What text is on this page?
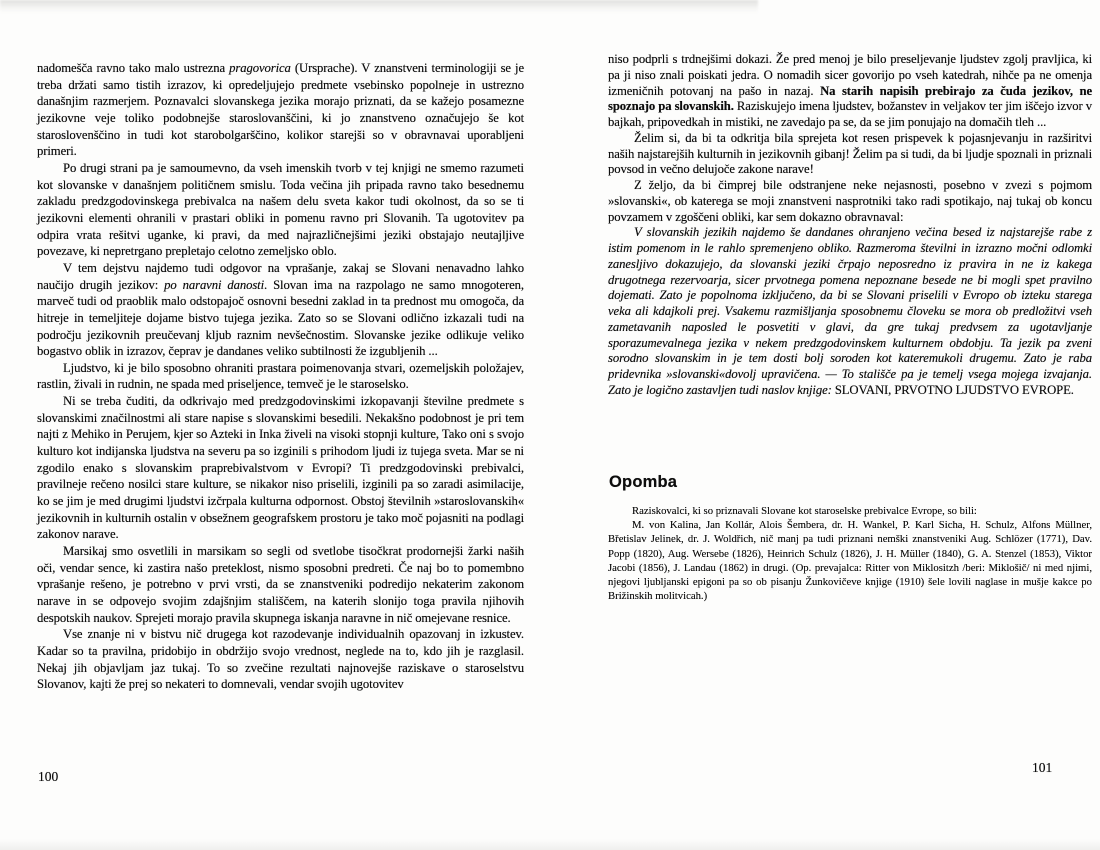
nadomešča ravno tako malo ustrezna pragovorica (Ursprache). V znanstveni terminologiji se je treba držati samo tistih izrazov, ki opredeljujejo predmete vsebinsko popolneje in ustrezno današnjim razmerjem. Poznavalci slovanskega jezika morajo priznati, da se kažejo posamezne jezikovne veje toliko podobnejše staroslovanščini, ki jo znanstveno označujejo še kot staroslovenščino in tudi kot starobolgarščino, kolikor starejši so v obravnavai uporabljeni primeri.

Po drugi strani pa je samoumevno, da vseh imenskih tvorb v tej knjigi ne smemo razumeti kot slovanske v današnjem političnem smislu. Toda večina jih pripada ravno tako besednemu zakladu predzgodovinskega prebivalca na našem delu sveta kakor tudi okolnost, da so se ti jezikovni elementi ohranili v prastari obliki in pomenu ravno pri Slovanih. Ta ugotovitev pa odpira vrata rešitvi uganke, ki pravi, da med najrazličnejšimi jeziki obstajajo neutajljive povezave, ki nepretrgano prepletajo celotno zemeljsko oblo.

V tem dejstvu najdemo tudi odgovor na vprašanje, zakaj se Slovani nenavadno lahko naučijo drugih jezikov: po naravni danosti. Slovan ima na razpolago ne samo mnogoteren, marveč tudi od praoblik malo odstopajoč osnovni besedni zaklad in ta prednost mu omogoča, da hitreje in temeljiteje dojame bistvo tujega jezika. Zato so se Slovani odlično izkazali tudi na področju jezikovnih preučevanj kljub raznim nevšečnostim. Slovanske jezike odlikuje veliko bogastvo oblik in izrazov, čeprav je dandanes veliko subtilnosti že izgubljenih ...

Ljudstvo, ki je bilo sposobno ohraniti prastara poimenovanja stvari, ozemeljskih položajev, rastlin, živali in rudnin, ne spada med priseljence, temveč je le staroselsko.

Ni se treba čuditi, da odkrivajo med predzgodovinskimi izkopavanji številne predmete s slovanskimi značilnostmi ali stare napise s slovanskimi besedili. Nekakšno podobnost je pri tem najti z Mehiko in Perujem, kjer so Azteki in Inka živeli na visoki stopnji kulture, Tako oni s svojo kulturo kot indijanska ljudstva na severu pa so izginili s prihodom ljudi iz tujega sveta. Mar se ni zgodilo enako s slovanskim praprebivalstvom v Evropi? Ti predzgodovinski prebivalci, pravilneje rečeno nosilci stare kulture, se nikakor niso priselili, izginili pa so zaradi asimilacije, ko se jim je med drugimi ljudstvi izčrpala kulturna odpornost. Obstoj številnih »staroslovanskih« jezikovnih in kulturnih ostalin v obsežnem geografskem prostoru je tako moč pojasniti na podlagi zakonov narave.

Marsikaj smo osvetlili in marsikam so segli od svetlobe tisočkrat prodornejši žarki naših oči, vendar sence, ki zastira našo preteklost, nismo sposobni predreti. Če naj bo to pomembno vprašanje rešeno, je potrebno v prvi vrsti, da se znanstveniki podredijo nekaterim zakonom narave in se odpovejo svojim zdajšnjim stališčem, na katerih slonijo toga pravila njihovih despotskih naukov. Sprejeti morajo pravila skupnega iskanja naravne in nič omejevane resnice.

Vse znanje ni v bistvu nič drugega kot razodevanje individualnih opazovanj in izkustev. Kadar so ta pravilna, pridobijo in obdržijo svojo vrednost, neglede na to, kdo jih je razglasil. Nekaj jih objavljam jaz tukaj. To so zvečine rezultati najnovejše raziskave o staroselstvu Slovanov, kajti že prej so nekateri to domnevali, vendar svojih ugotovitev

100

niso podprli s trdnejšimi dokazi. Že pred menoj je bilo preseljevanje ljudstev zgolj pravljica, ki pa ji niso znali poiskati jedra. O nomadih sicer govorijo po vseh katedrah, nihče pa ne omenja izmeničnih potovanj na pašo in nazaj. Na starih napisih prebirajo za čuda jezikov, ne spoznajo pa slovanskih. Raziskujejo imena ljudstev, božanstev in veljakov ter jim iščejo izvor v bajkah, pripovedkah in mistiki, ne zavedajo pa se, da se jim ponujajo na domačih tleh ...

Želim si, da bi ta odkritja bila sprejeta kot resen prispevek k pojasnjevanju in razširitvi naših najstarejših kulturnih in jezikovnih gibanj! Želim pa si tudi, da bi ljudje spoznali in priznali povsod in večno delujoče zakone narave!

Z željo, da bi čimprej bile odstranjene neke nejasnosti, posebno v zvezi s pojmom »slovanski«, ob katerega se moji znanstveni nasprotniki tako radi spotikajo, naj tukaj ob koncu povzamem v zgoščeni obliki, kar sem dokazno obravnaval:

V slovanskih jezikih najdemo še dandanes ohranjeno večina besed iz najstarejše rabe z istim pomenom in le rahlo spremenjeno obliko. Razmeroma številni in izrazno močni odlomki zanesljivo dokazujejo, da slovanski jeziki črpajo neposredno iz pravira in ne iz kakega drugotnega rezervoarja, sicer prvotnega pomena nepoznane besede ne bi mogli spet pravilno dojemati. Zato je popolnoma izključeno, da bi se Slovani priselili v Evropo ob izteku starega veka ali kdajkoli prej. Vsakemu razmišljanja sposobnemu človeku se mora ob predložitvi vseh zametavanih naposled le posvetiti v glavi, da gre tukaj predvsem za ugotavljanje sporazumevalnega jezika v nekem predzgodovinskem kulturnem obdobju. Ta jezik pa zveni sorodno slovanskim in je tem dosti bolj soroden kot kateremukoli drugemu. Zato je raba pridevnika »slovanski«dovolj upravičena. — To stališče pa je temelj vsega mojega izvajanja. Zato je logično zastavljen tudi naslov knjige: SLOVANI, PRVOTNO LJUDSTVO EVROPE.

Opomba

Raziskovalci, ki so priznavali Slovane kot staroselske prebivalce Evrope, so bili:

M. von Kalina, Jan Kollár, Alois Šembera, dr. H. Wankel, P. Karl Sicha, H. Schulz, Alfons Müllner, Břetislav Jelinek, dr. J. Woldřich, nič manj pa tudi priznani nemški znanstveniki Aug. Schlözer (1771), Dav. Popp (1820), Aug. Wersebe (1826), Heinrich Schulz (1826), J. H. Müller (1840), G. A. Stenzel (1853), Viktor Jacobi (1856), J. Landau (1862) in drugi. (Op. prevajalca: Ritter von Miklositzh /beri: Miklošič/ ni med njimi, njegovi ljubljanski epigoni pa so ob pisanju Žunkovičeve knjige (1910) šele lovili naglase in mušje kakce po Brižinskih molitvicah.)

101
